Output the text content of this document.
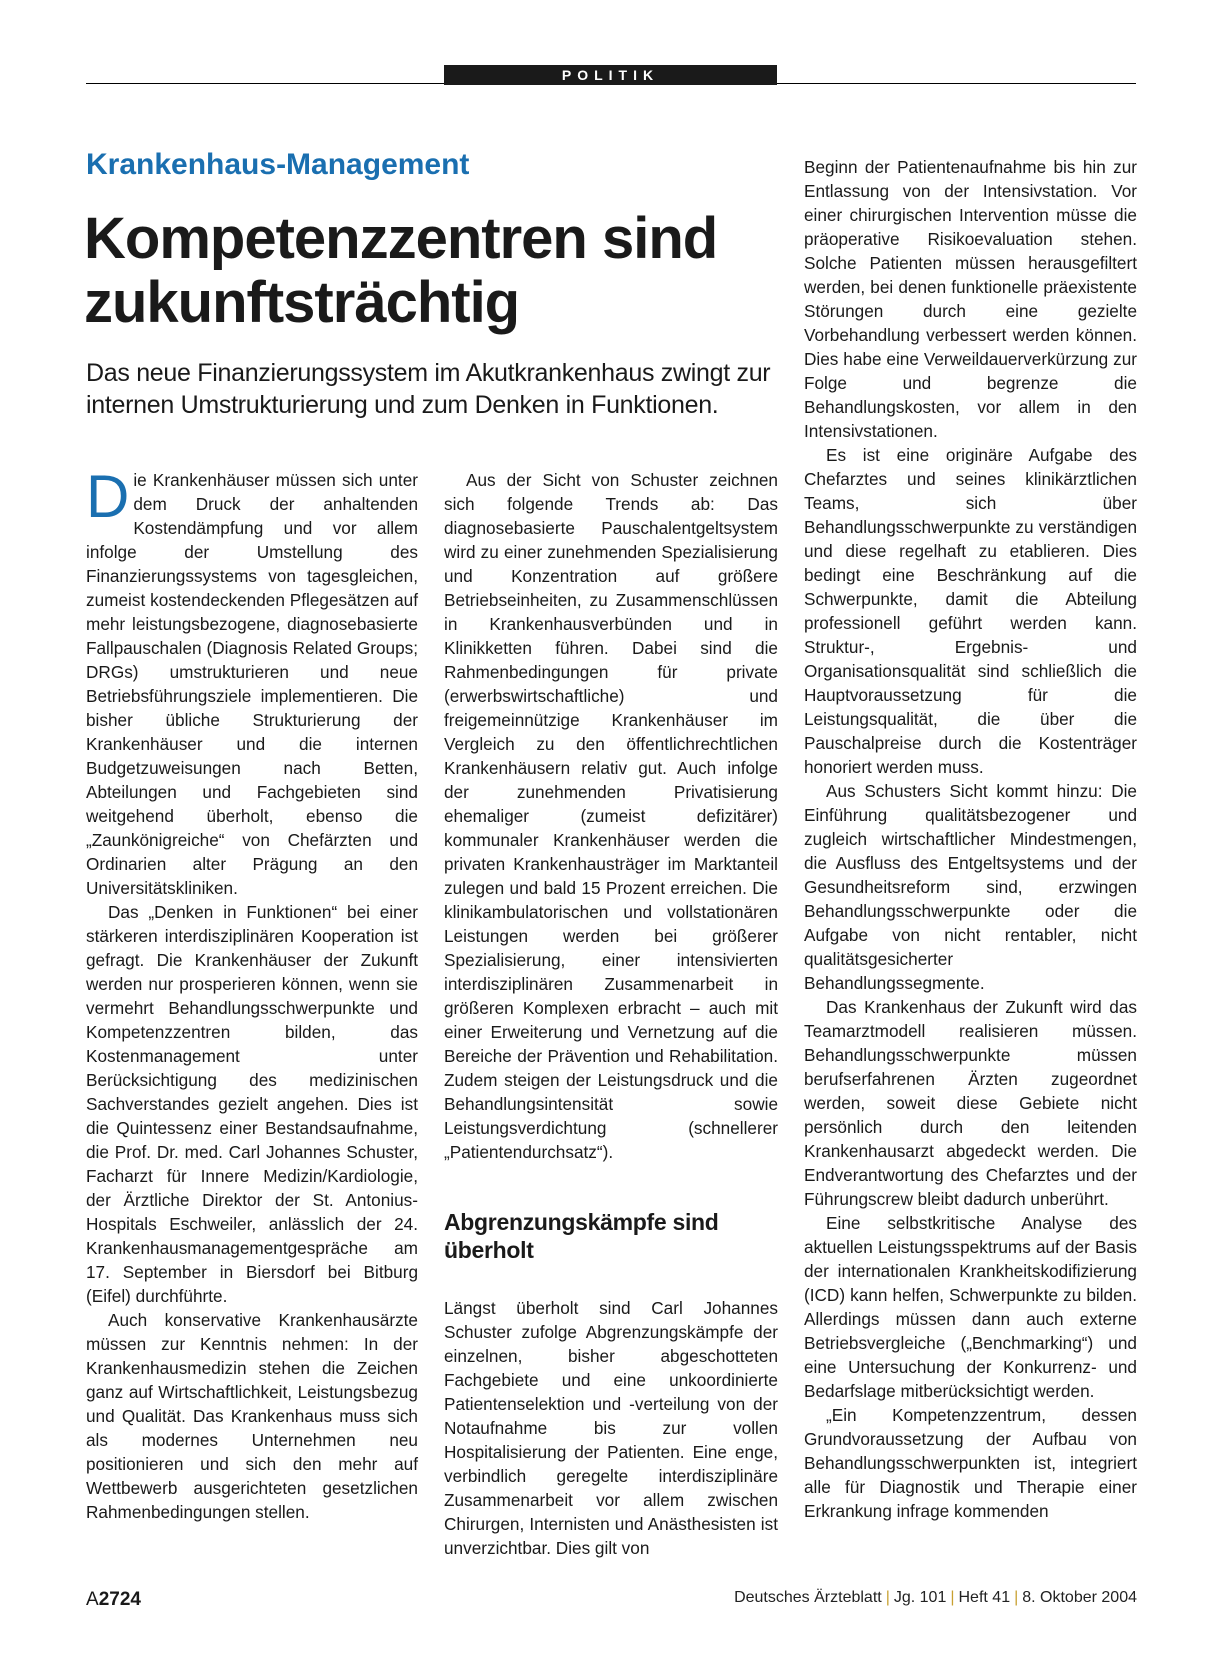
POLITIK
Krankenhaus-Management
Kompetenzzentren sind zukunftsträchtig

Das neue Finanzierungssystem im Akutkrankenhaus zwingt zur internen Umstrukturierung und zum Denken in Funktionen.

Die Krankenhäuser müssen sich unter dem Druck der anhaltenden Kostendämpfung und vor allem infolge der Umstellung des Finanzierungssystems von tagesgleichen, zumeist kostendeckenden Pflegesätzen auf mehr leistungsbezogene, diagnosebasierte Fallpauschalen (Diagnosis Related Groups; DRGs) umstrukturieren und neue Betriebsführungsziele implementieren. Die bisher übliche Strukturierung der Krankenhäuser und die internen Budgetzuweisungen nach Betten, Abteilungen und Fachgebieten sind weitgehend überholt, ebenso die „Zaunkönigreiche“ von Chefärzten und Ordinarien alter Prägung an den Universitätskliniken.

Das „Denken in Funktionen“ bei einer stärkeren interdisziplinären Kooperation ist gefragt. Die Krankenhäuser der Zukunft werden nur prosperieren können, wenn sie vermehrt Behandlungsschwerpunkte und Kompetenzzentren bilden, das Kostenmanagement unter Berücksichtigung des medizinischen Sachverstandes gezielt angehen. Dies ist die Quintessenz einer Bestandsaufnahme, die Prof. Dr. med. Carl Johannes Schuster, Facharzt für Innere Medizin/Kardiologie, der Ärztliche Direktor der St. Antonius-Hospitals Eschweiler, anlässlich der 24. Krankenhausmanagementgespräche am 17. September in Biersdorf bei Bitburg (Eifel) durchführte.

Auch konservative Krankenhausärzte müssen zur Kenntnis nehmen: In der Krankenhausmedizin stehen die Zeichen ganz auf Wirtschaftlichkeit, Leistungsbezug und Qualität. Das Krankenhaus muss sich als modernes Unternehmen neu positionieren und sich den mehr auf Wettbewerb ausgerichteten gesetzlichen Rahmenbedingungen stellen.

Aus der Sicht von Schuster zeichnen sich folgende Trends ab: Das diagnosebasierte Pauschalentgeltsystem wird zu einer zunehmenden Spezialisierung und Konzentration auf größere Betriebseinheiten, zu Zusammenschlüssen in Krankenhausverbünden und in Klinikketten führen. Dabei sind die Rahmenbedingungen für private (erwerbswirtschaftliche) und freigemeinnützige Krankenhäuser im Vergleich zu den öffentlichrechtlichen Krankenhäusern relativ gut. Auch infolge der zunehmenden Privatisierung ehemaliger (zumeist defizitärer) kommunaler Krankenhäuser werden die privaten Krankenhausträger im Marktanteil zulegen und bald 15 Prozent erreichen. Die klinikambulatorischen und vollstationären Leistungen werden bei größerer Spezialisierung, einer intensivierten interdisziplinären Zusammenarbeit in größeren Komplexen erbracht – auch mit einer Erweiterung und Vernetzung auf die Bereiche der Prävention und Rehabilitation. Zudem steigen der Leistungsdruck und die Behandlungsintensität sowie Leistungsverdichtung (schnellerer „Patientendurchsatz“).

Abgrenzungskämpfe sind überholt

Längst überholt sind Carl Johannes Schuster zufolge Abgrenzungskämpfe der einzelnen, bisher abgeschotteten Fachgebiete und eine unkoordinierte Patientenselektion und -verteilung von der Notaufnahme bis zur vollen Hospitalisierung der Patienten. Eine enge, verbindlich geregelte interdisziplinäre Zusammenarbeit vor allem zwischen Chirurgen, Internisten und Anästhesisten ist unverzichtbar. Dies gilt von

Beginn der Patientenaufnahme bis hin zur Entlassung von der Intensivstation. Vor einer chirurgischen Intervention müsse die präoperative Risikoevaluation stehen. Solche Patienten müssen herausgefiltert werden, bei denen funktionelle präexistente Störungen durch eine gezielte Vorbehandlung verbessert werden können. Dies habe eine Verweildauerverkürzung zur Folge und begrenze die Behandlungskosten, vor allem in den Intensivstationen.

Es ist eine originäre Aufgabe des Chefarztes und seines klinikärztlichen Teams, sich über Behandlungsschwerpunkte zu verständigen und diese regelhaft zu etablieren. Dies bedingt eine Beschränkung auf die Schwerpunkte, damit die Abteilung professionell geführt werden kann. Struktur-, Ergebnis- und Organisationsqualität sind schließlich die Hauptvoraussetzung für die Leistungsqualität, die über die Pauschalpreise durch die Kostenträger honoriert werden muss.

Aus Schusters Sicht kommt hinzu: Die Einführung qualitätsbezogener und zugleich wirtschaftlicher Mindestmengen, die Ausfluss des Entgeltsystems und der Gesundheitsreform sind, erzwingen Behandlungsschwerpunkte oder die Aufgabe von nicht rentabler, nicht qualitätsgesicherter Behandlungssegmente.

Das Krankenhaus der Zukunft wird das Teamarztmodell realisieren müssen. Behandlungsschwerpunkte müssen berufserfahrenen Ärzten zugeordnet werden, soweit diese Gebiete nicht persönlich durch den leitenden Krankenhausarzt abgedeckt werden. Die Endverantwortung des Chefarztes und der Führungscrew bleibt dadurch unberührt.

Eine selbstkritische Analyse des aktuellen Leistungsspektrums auf der Basis der internationalen Krankheitskodifizierung (ICD) kann helfen, Schwerpunkte zu bilden. Allerdings müssen dann auch externe Betriebsvergleiche („Benchmarking“) und eine Untersuchung der Konkurrenz- und Bedarfslage mitberücksichtigt werden.

„Ein Kompetenzzentrum, dessen Grundvoraussetzung der Aufbau von Behandlungsschwerpunkten ist, integriert alle für Diagnostik und Therapie einer Erkrankung infrage kommenden

A2724	Deutsches Ärzteblatt | Jg. 101 | Heft 41 | 8. Oktober 2004
